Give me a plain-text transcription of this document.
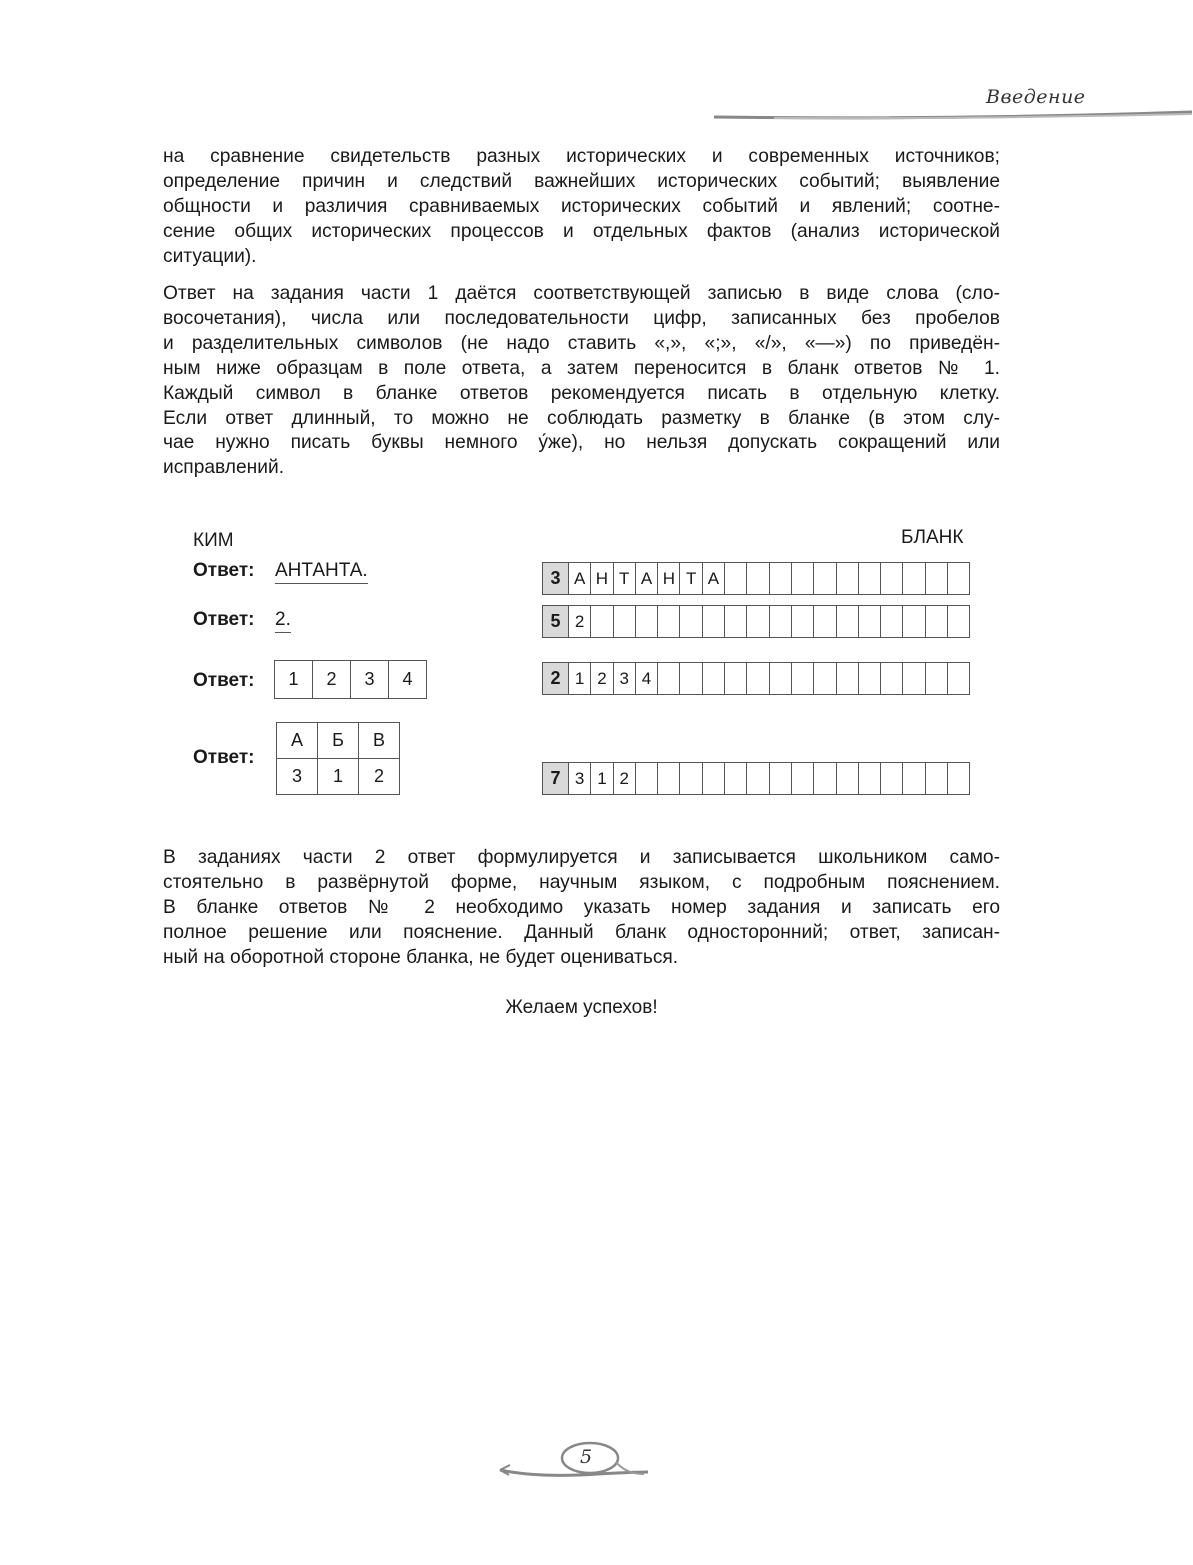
Введение
на сравнение свидетельств разных исторических и современных источников;
определение причин и следствий важнейших исторических событий; выявление
общности и различия сравниваемых исторических событий и явлений; соотне-
сение общих исторических процессов и отдельных фактов (анализ исторической
ситуации).
Ответ на задания части 1 даётся соответствующей записью в виде слова (сло-
восочетания), числа или последовательности цифр, записанных без пробелов
и разделительных символов (не надо ставить «,», «;», «/», «—») по приведён-
ным ниже образцам в поле ответа, а затем переносится в бланк ответов № 1.
Каждый символ в бланке ответов рекомендуется писать в отдельную клетку.
Если ответ длинный, то можно не соблюдать разметку в бланке (в этом слу-
чае нужно писать буквы немного у́же), но нельзя допускать сокращений или
исправлений.
КИМ	БЛАНК
Ответ: АНТАНТА.
Ответ: 2.
Ответ: 1	2	3	4
Ответ:
А	Б	В
3	1	2
3 А Н Т А Н Т А
5 2
2 1 2 3 4
7 3 1 2
В заданиях части 2 ответ формулируется и записывается школьником само-
стоятельно в развёрнутой форме, научным языком, с подробным пояснением.
В бланке ответов № 2 необходимо указать номер задания и записать его
полное решение или пояснение. Данный бланк односторонний; ответ, записан-
ный на оборотной стороне бланка, не будет оцениваться.
Желаем успехов!
5
